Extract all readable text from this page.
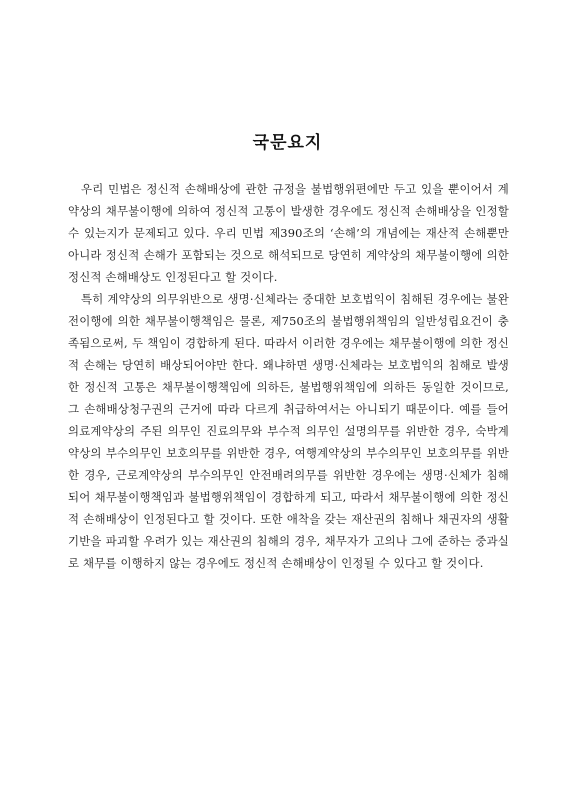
국문요지

우리 민법은 정신적 손해배상에 관한 규정을 불법행위편에만 두고 있을 뿐이어서 계약상의 채무불이행에 의하여 정신적 고통이 발생한 경우에도 정신적 손해배상을 인정할 수 있는지가 문제되고 있다. 우리 민법 제390조의 ‘손해’의 개념에는 재산적 손해뿐만 아니라 정신적 손해가 포함되는 것으로 해석되므로 당연히 계약상의 채무불이행에 의한 정신적 손해배상도 인정된다고 할 것이다.

특히 계약상의 의무위반으로 생명·신체라는 중대한 보호법익이 침해된 경우에는 불완전이행에 의한 채무불이행책임은 물론, 제750조의 불법행위책임의 일반성립요건이 충족됨으로써, 두 책임이 경합하게 된다. 따라서 이러한 경우에는 채무불이행에 의한 정신적 손해는 당연히 배상되어야만 한다. 왜냐하면 생명·신체라는 보호법익의 침해로 발생한 정신적 고통은 채무불이행책임에 의하든, 불법행위책임에 의하든 동일한 것이므로, 그 손해배상청구권의 근거에 따라 다르게 취급하여서는 아니되기 때문이다. 예를 들어 의료계약상의 주된 의무인 진료의무와 부수적 의무인 설명의무를 위반한 경우, 숙박계약상의 부수의무인 보호의무를 위반한 경우, 여행계약상의 부수의무인 보호의무를 위반한 경우, 근로계약상의 부수의무인 안전배려의무를 위반한 경우에는 생명·신체가 침해되어 채무불이행책임과 불법행위책임이 경합하게 되고, 따라서 채무불이행에 의한 정신적 손해배상이 인정된다고 할 것이다. 또한 애착을 갖는 재산권의 침해나 채권자의 생활기반을 파괴할 우려가 있는 재산권의 침해의 경우, 채무자가 고의나 그에 준하는 중과실로 채무를 이행하지 않는 경우에도 정신적 손해배상이 인정될 수 있다고 할 것이다.
